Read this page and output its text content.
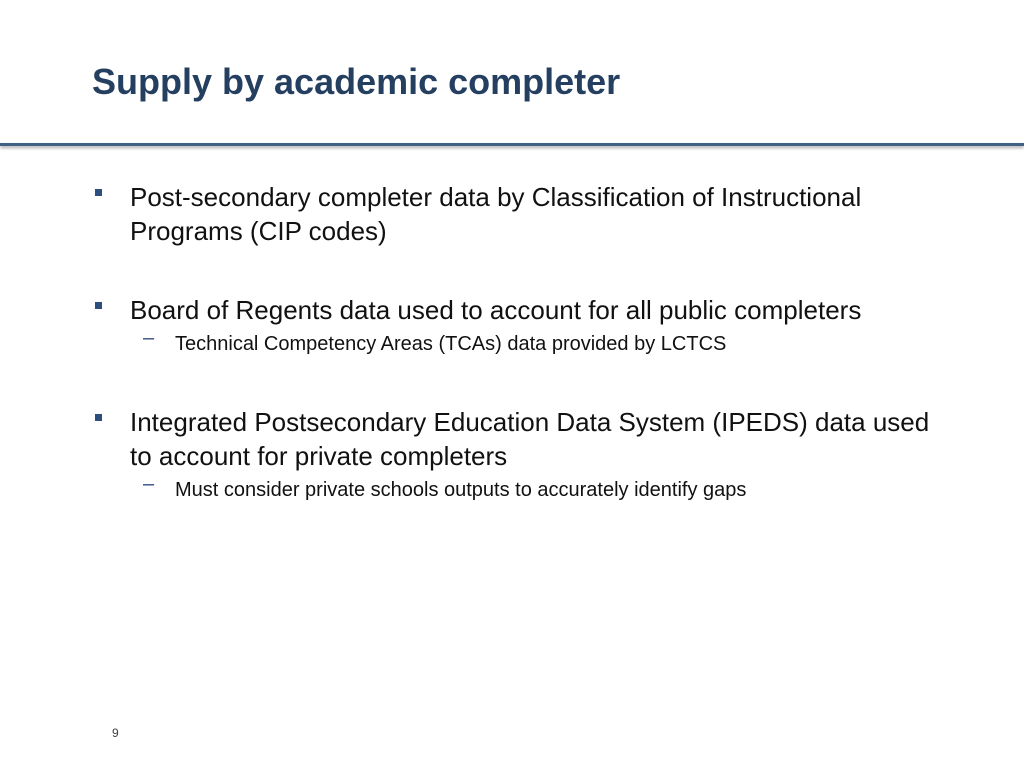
Supply by academic completer
Post-secondary completer data by Classification of Instructional Programs (CIP codes)
Board of Regents data used to account for all public completers
– Technical Competency Areas (TCAs) data provided by LCTCS
Integrated Postsecondary Education Data System (IPEDS) data used to account for private completers
– Must consider private schools outputs to accurately identify gaps
9
